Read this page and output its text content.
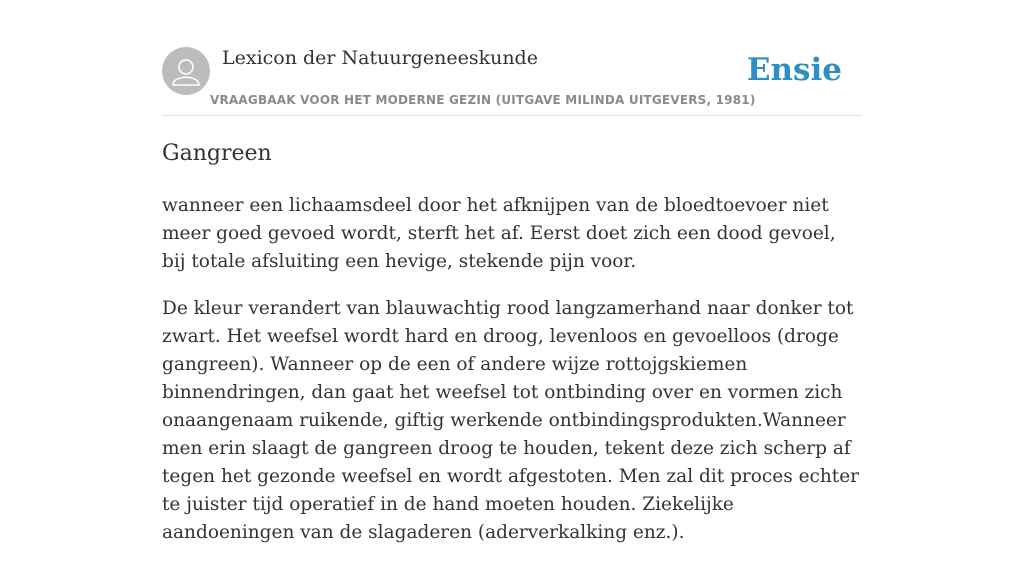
Lexicon der Natuurgeneeskunde
VRAAGBAAK VOOR HET MODERNE GEZIN (UITGAVE MILINDA UITGEVERS, 1981)
Ensie
Gangreen

wanneer een lichaamsdeel door het afknijpen van de bloedtoevoer niet meer goed gevoed wordt, sterft het af. Eerst doet zich een dood gevoel, bij totale afsluiting een hevige, stekende pijn voor.

De kleur verandert van blauwachtig rood langzamerhand naar donker tot zwart. Het weefsel wordt hard en droog, levenloos en gevoelloos (droge gangreen). Wanneer op de een of andere wijze rottojgskiemen binnendringen, dan gaat het weefsel tot ontbinding over en vormen zich onaangenaam ruikende, giftig werkende ontbindingsprodukten.Wanneer men erin slaagt de gangreen droog te houden, tekent deze zich scherp af tegen het gezonde weefsel en wordt afgestoten. Men zal dit proces echter te juister tijd operatief in de hand moeten houden. Ziekelijke aandoeningen van de slagaderen (aderverkalking enz.).
